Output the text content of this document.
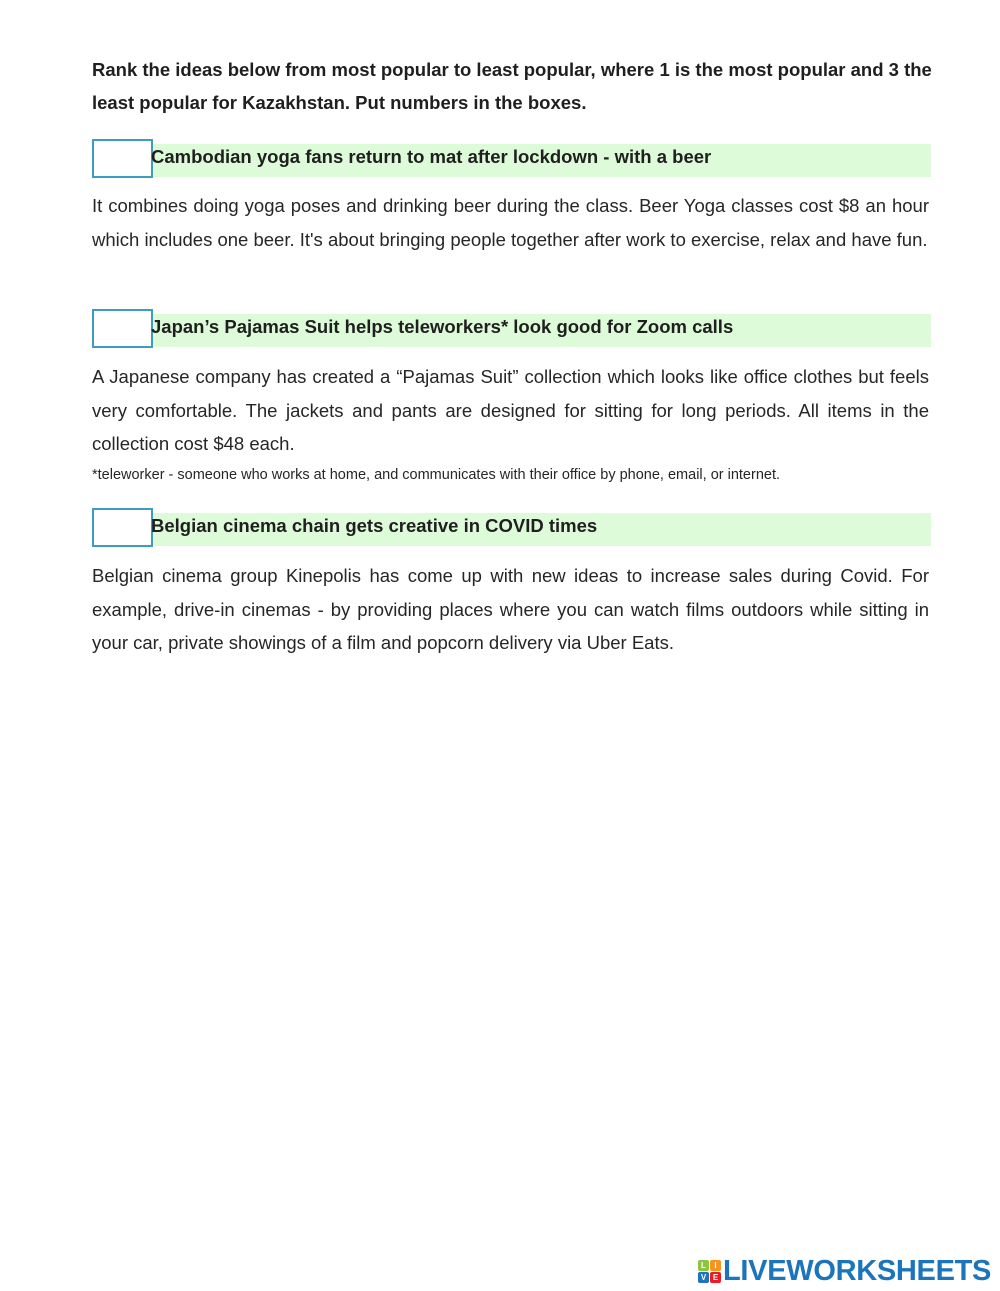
Rank the ideas below from most popular to least popular, where 1 is the most popular and 3 the least popular for Kazakhstan. Put numbers in the boxes.
Cambodian yoga fans return to mat after lockdown - with a beer
It combines doing yoga poses and drinking beer during the class. Beer Yoga classes cost $8 an hour which includes one beer. It's about bringing people together after work to exercise, relax and have fun.
Japan’s Pajamas Suit helps teleworkers* look good for Zoom calls
A Japanese company has created a “Pajamas Suit” collection which looks like office clothes but feels very comfortable. The jackets and pants are designed for sitting for long periods. All items in the collection cost $48 each.
*teleworker - someone who works at home, and communicates with their office by phone, email, or internet.
Belgian cinema chain gets creative in COVID times
Belgian cinema group Kinepolis has come up with new ideas to increase sales during Covid. For example, drive-in cinemas - by providing places where you can watch films outdoors while sitting in your car, private showings of a film and popcorn delivery via Uber Eats.
L	I
V E LIVEWORKSHEETS
